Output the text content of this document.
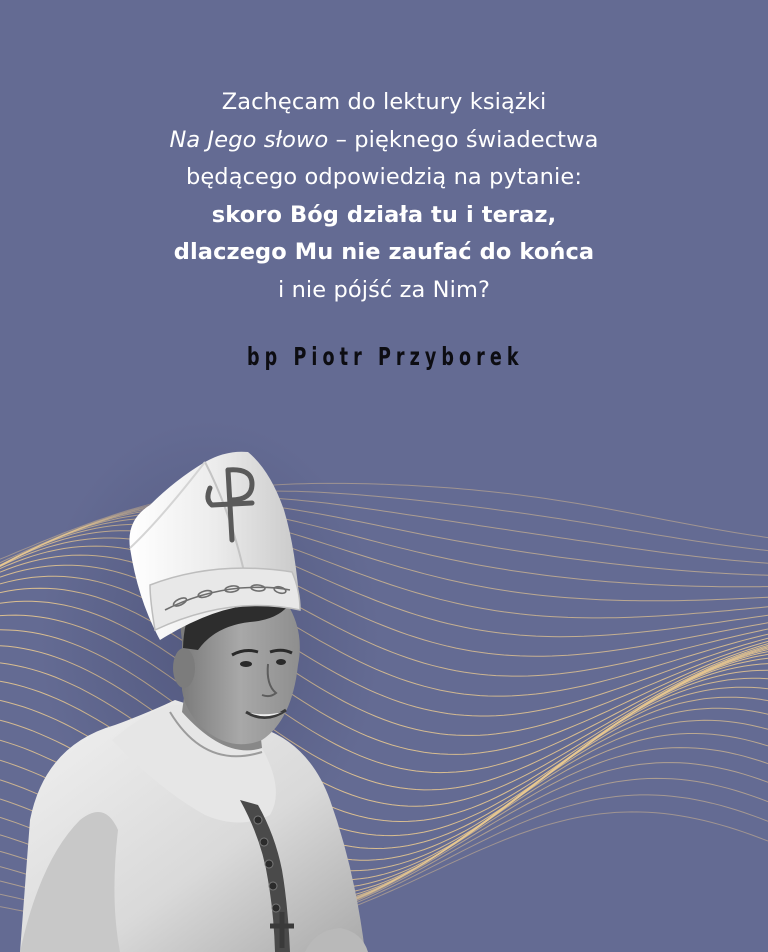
Zachęcam do lektury książki
Na Jego słowo – pięknego świadectwa
będącego odpowiedzią na pytanie:
skoro Bóg działa tu i teraz,
dlaczego Mu nie zaufać do końca
i nie pójść za Nim?
bp Piotr Przyborek
